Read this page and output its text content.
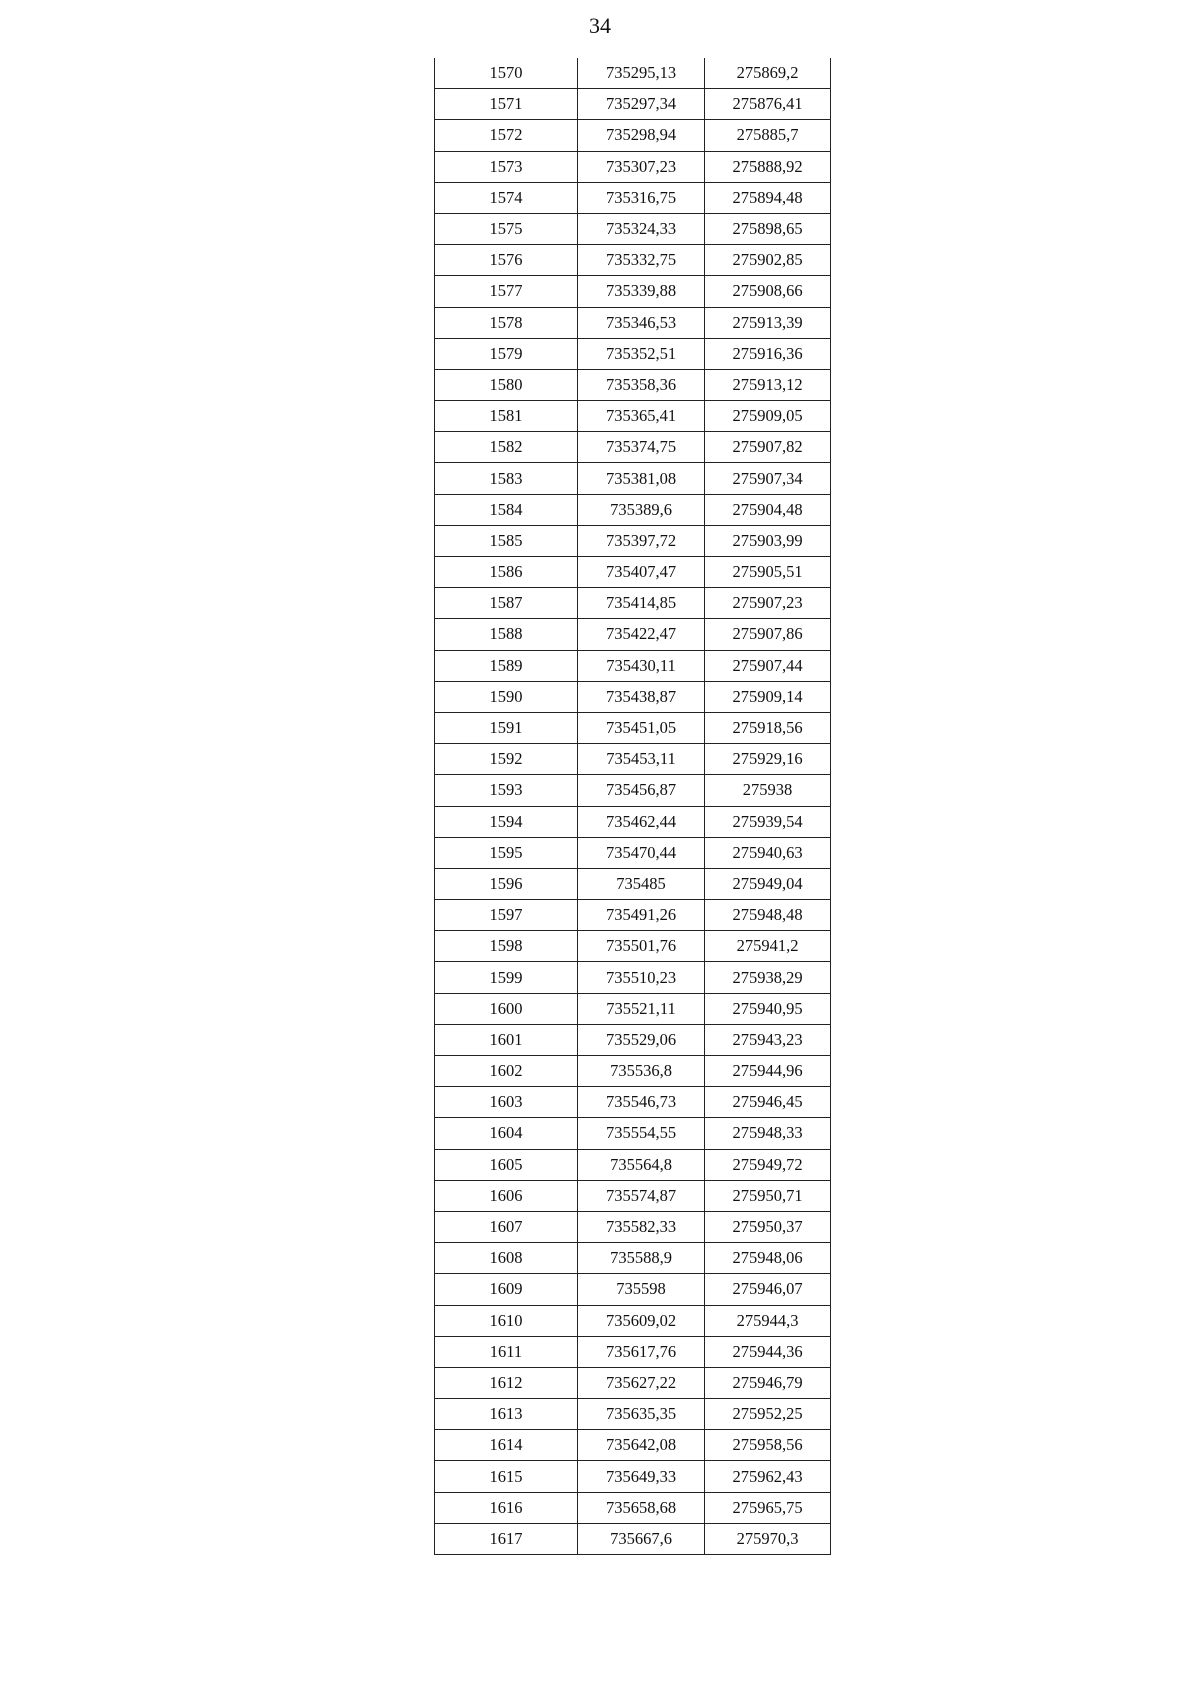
34
1570	735295,13	275869,2
1571	735297,34	275876,41
1572	735298,94	275885,7
1573	735307,23	275888,92
1574	735316,75	275894,48
1575	735324,33	275898,65
1576	735332,75	275902,85
1577	735339,88	275908,66
1578	735346,53	275913,39
1579	735352,51	275916,36
1580	735358,36	275913,12
1581	735365,41	275909,05
1582	735374,75	275907,82
1583	735381,08	275907,34
1584	735389,6	275904,48
1585	735397,72	275903,99
1586	735407,47	275905,51
1587	735414,85	275907,23
1588	735422,47	275907,86
1589	735430,11	275907,44
1590	735438,87	275909,14
1591	735451,05	275918,56
1592	735453,11	275929,16
1593	735456,87	275938
1594	735462,44	275939,54
1595	735470,44	275940,63
1596	735485	275949,04
1597	735491,26	275948,48
1598	735501,76	275941,2
1599	735510,23	275938,29
1600	735521,11	275940,95
1601	735529,06	275943,23
1602	735536,8	275944,96
1603	735546,73	275946,45
1604	735554,55	275948,33
1605	735564,8	275949,72
1606	735574,87	275950,71
1607	735582,33	275950,37
1608	735588,9	275948,06
1609	735598	275946,07
1610	735609,02	275944,3
1611	735617,76	275944,36
1612	735627,22	275946,79
1613	735635,35	275952,25
1614	735642,08	275958,56
1615	735649,33	275962,43
1616	735658,68	275965,75
1617	735667,6	275970,3
